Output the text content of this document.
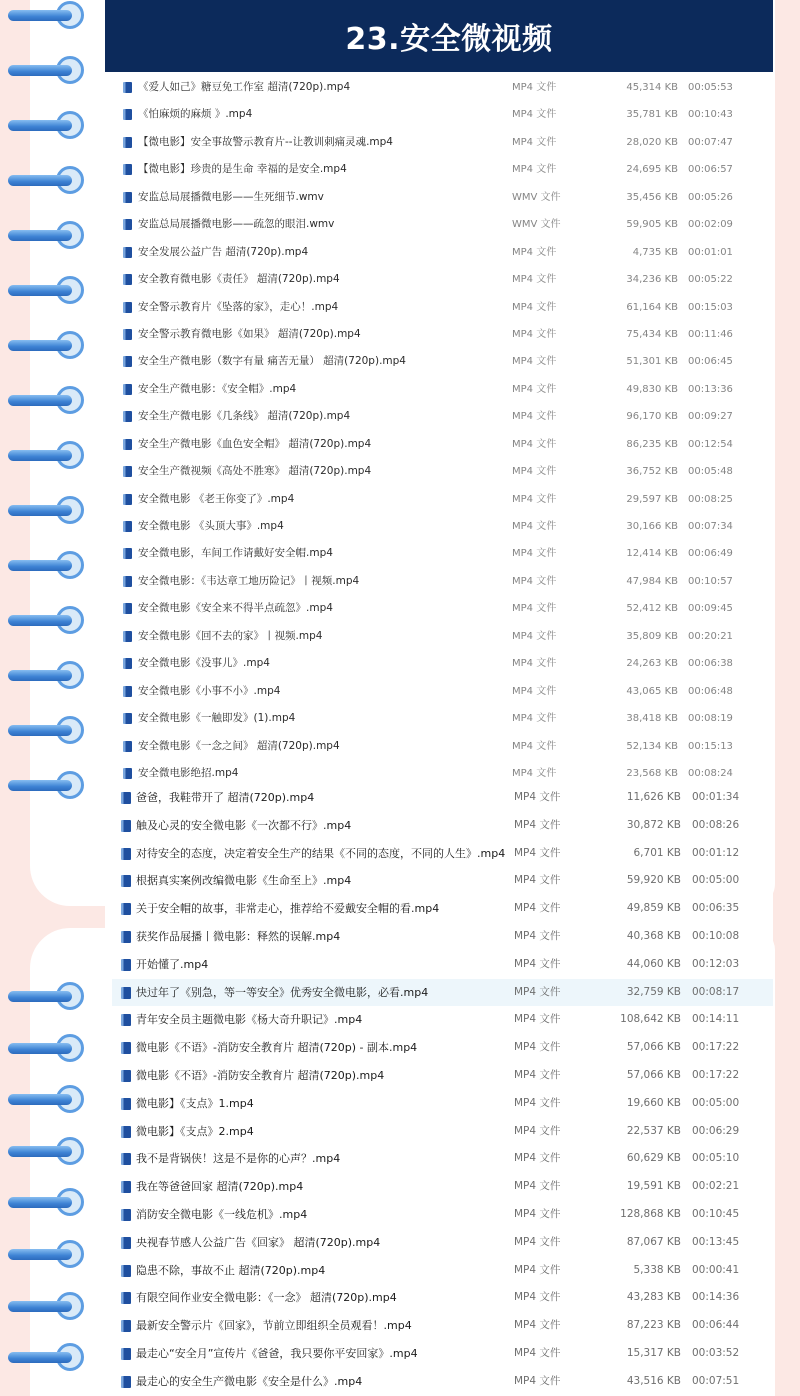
23.安全微视频
《爱人如己》糖豆免工作室 超清(720p).mp4	MP4 文件	45,314 KB 00:05:53
《怕麻烦的麻烦 》.mp4	MP4 文件	35,781 KB 00:10:43
【微电影】安全事故警示教育片--让教训刺痛灵魂.mp4	MP4 文件	28,020 KB 00:07:47
【微电影】珍贵的是生命 幸福的是安全.mp4	MP4 文件	24,695 KB 00:06:57
安监总局展播微电影——生死细节.wmv	WMV 文件	35,456 KB 00:05:26
安监总局展播微电影——疏忽的眼泪.wmv	WMV 文件	59,905 KB 00:02:09
安全发展公益广告 超清(720p).mp4	MP4 文件	4,735 KB 00:01:01
安全教育微电影《责任》 超清(720p).mp4	MP4 文件	34,236 KB 00:05:22
安全警示教育片《坠落的家》，走心！.mp4	MP4 文件	61,164 KB 00:15:03
安全警示教育微电影《如果》 超清(720p).mp4	MP4 文件	75,434 KB 00:11:46
安全生产微电影（数字有量 痛苦无量） 超清(720p).mp4	MP4 文件	51,301 KB 00:06:45
安全生产微电影：《安全帽》.mp4	MP4 文件	49,830 KB 00:13:36
安全生产微电影《几条线》 超清(720p).mp4	MP4 文件	96,170 KB 00:09:27
安全生产微电影《血色安全帽》 超清(720p).mp4	MP4 文件	86,235 KB 00:12:54
安全生产微视频《高处不胜寒》 超清(720p).mp4	MP4 文件	36,752 KB 00:05:48
安全微电影 《老王你变了》.mp4	MP4 文件	29,597 KB 00:08:25
安全微电影 《头顶大事》.mp4	MP4 文件	30,166 KB 00:07:34
安全微电影，车间工作请戴好安全帽.mp4	MP4 文件	12,414 KB 00:06:49
安全微电影：《韦达章工地历险记》丨视频.mp4	MP4 文件	47,984 KB 00:10:57
安全微电影《安全来不得半点疏忽》.mp4	MP4 文件	52,412 KB 00:09:45
安全微电影《回不去的家》丨视频.mp4	MP4 文件	35,809 KB 00:20:21
安全微电影《没事儿》.mp4	MP4 文件	24,263 KB 00:06:38
安全微电影《小事不小》.mp4	MP4 文件	43,065 KB 00:06:48
安全微电影《一触即发》(1).mp4	MP4 文件	38,418 KB 00:08:19
安全微电影《一念之间》 超清(720p).mp4	MP4 文件	52,134 KB 00:15:13
安全微电影绝招.mp4	MP4 文件	23,568 KB 00:08:24
爸爸，我鞋带开了 超清(720p).mp4	MP4 文件	11,626 KB 00:01:34
触及心灵的安全微电影《一次都不行》.mp4	MP4 文件	30,872 KB 00:08:26
对待安全的态度，决定着安全生产的结果《不同的态度，不同的人生》.mp4 MP4 文件	6,701 KB 00:01:12
根据真实案例改编微电影《生命至上》.mp4	MP4 文件	59,920 KB 00:05:00
关于安全帽的故事，非常走心，推荐给不爱戴安全帽的看.mp4	MP4 文件	49,859 KB 00:06:35
获奖作品展播丨微电影：释然的误解.mp4	MP4 文件	40,368 KB 00:10:08
开始懂了.mp4	MP4 文件	44,060 KB 00:12:03
快过年了《别急，等一等安全》优秀安全微电影，必看.mp4	MP4 文件	32,759 KB 00:08:17
青年安全员主题微电影《杨大奇升职记》.mp4	MP4 文件	108,642 KB 00:14:11
微电影《不语》-消防安全教育片 超清(720p) - 副本.mp4	MP4 文件	57,066 KB 00:17:22
微电影《不语》-消防安全教育片 超清(720p).mp4	MP4 文件	57,066 KB 00:17:22
微电影】《支点》1.mp4	MP4 文件	19,660 KB 00:05:00
微电影】《支点》2.mp4	MP4 文件	22,537 KB 00:06:29
我不是背锅侠！这是不是你的心声？.mp4	MP4 文件	60,629 KB 00:05:10
我在等爸爸回家 超清(720p).mp4	MP4 文件	19,591 KB 00:02:21
消防安全微电影《一线危机》.mp4	MP4 文件	128,868 KB 00:10:45
央视春节感人公益广告《回家》 超清(720p).mp4	MP4 文件	87,067 KB 00:13:45
隐患不除，事故不止 超清(720p).mp4	MP4 文件	5,338 KB 00:00:41
有限空间作业安全微电影：《一念》 超清(720p).mp4	MP4 文件	43,283 KB 00:14:36
最新安全警示片《回家》，节前立即组织全员观看！.mp4	MP4 文件	87,223 KB 00:06:44
最走心“安全月”宣传片《爸爸，我只要你平安回家》.mp4	MP4 文件	15,317 KB 00:03:52
最走心的安全生产微电影《安全是什么》.mp4	MP4 文件	43,516 KB 00:07:51
